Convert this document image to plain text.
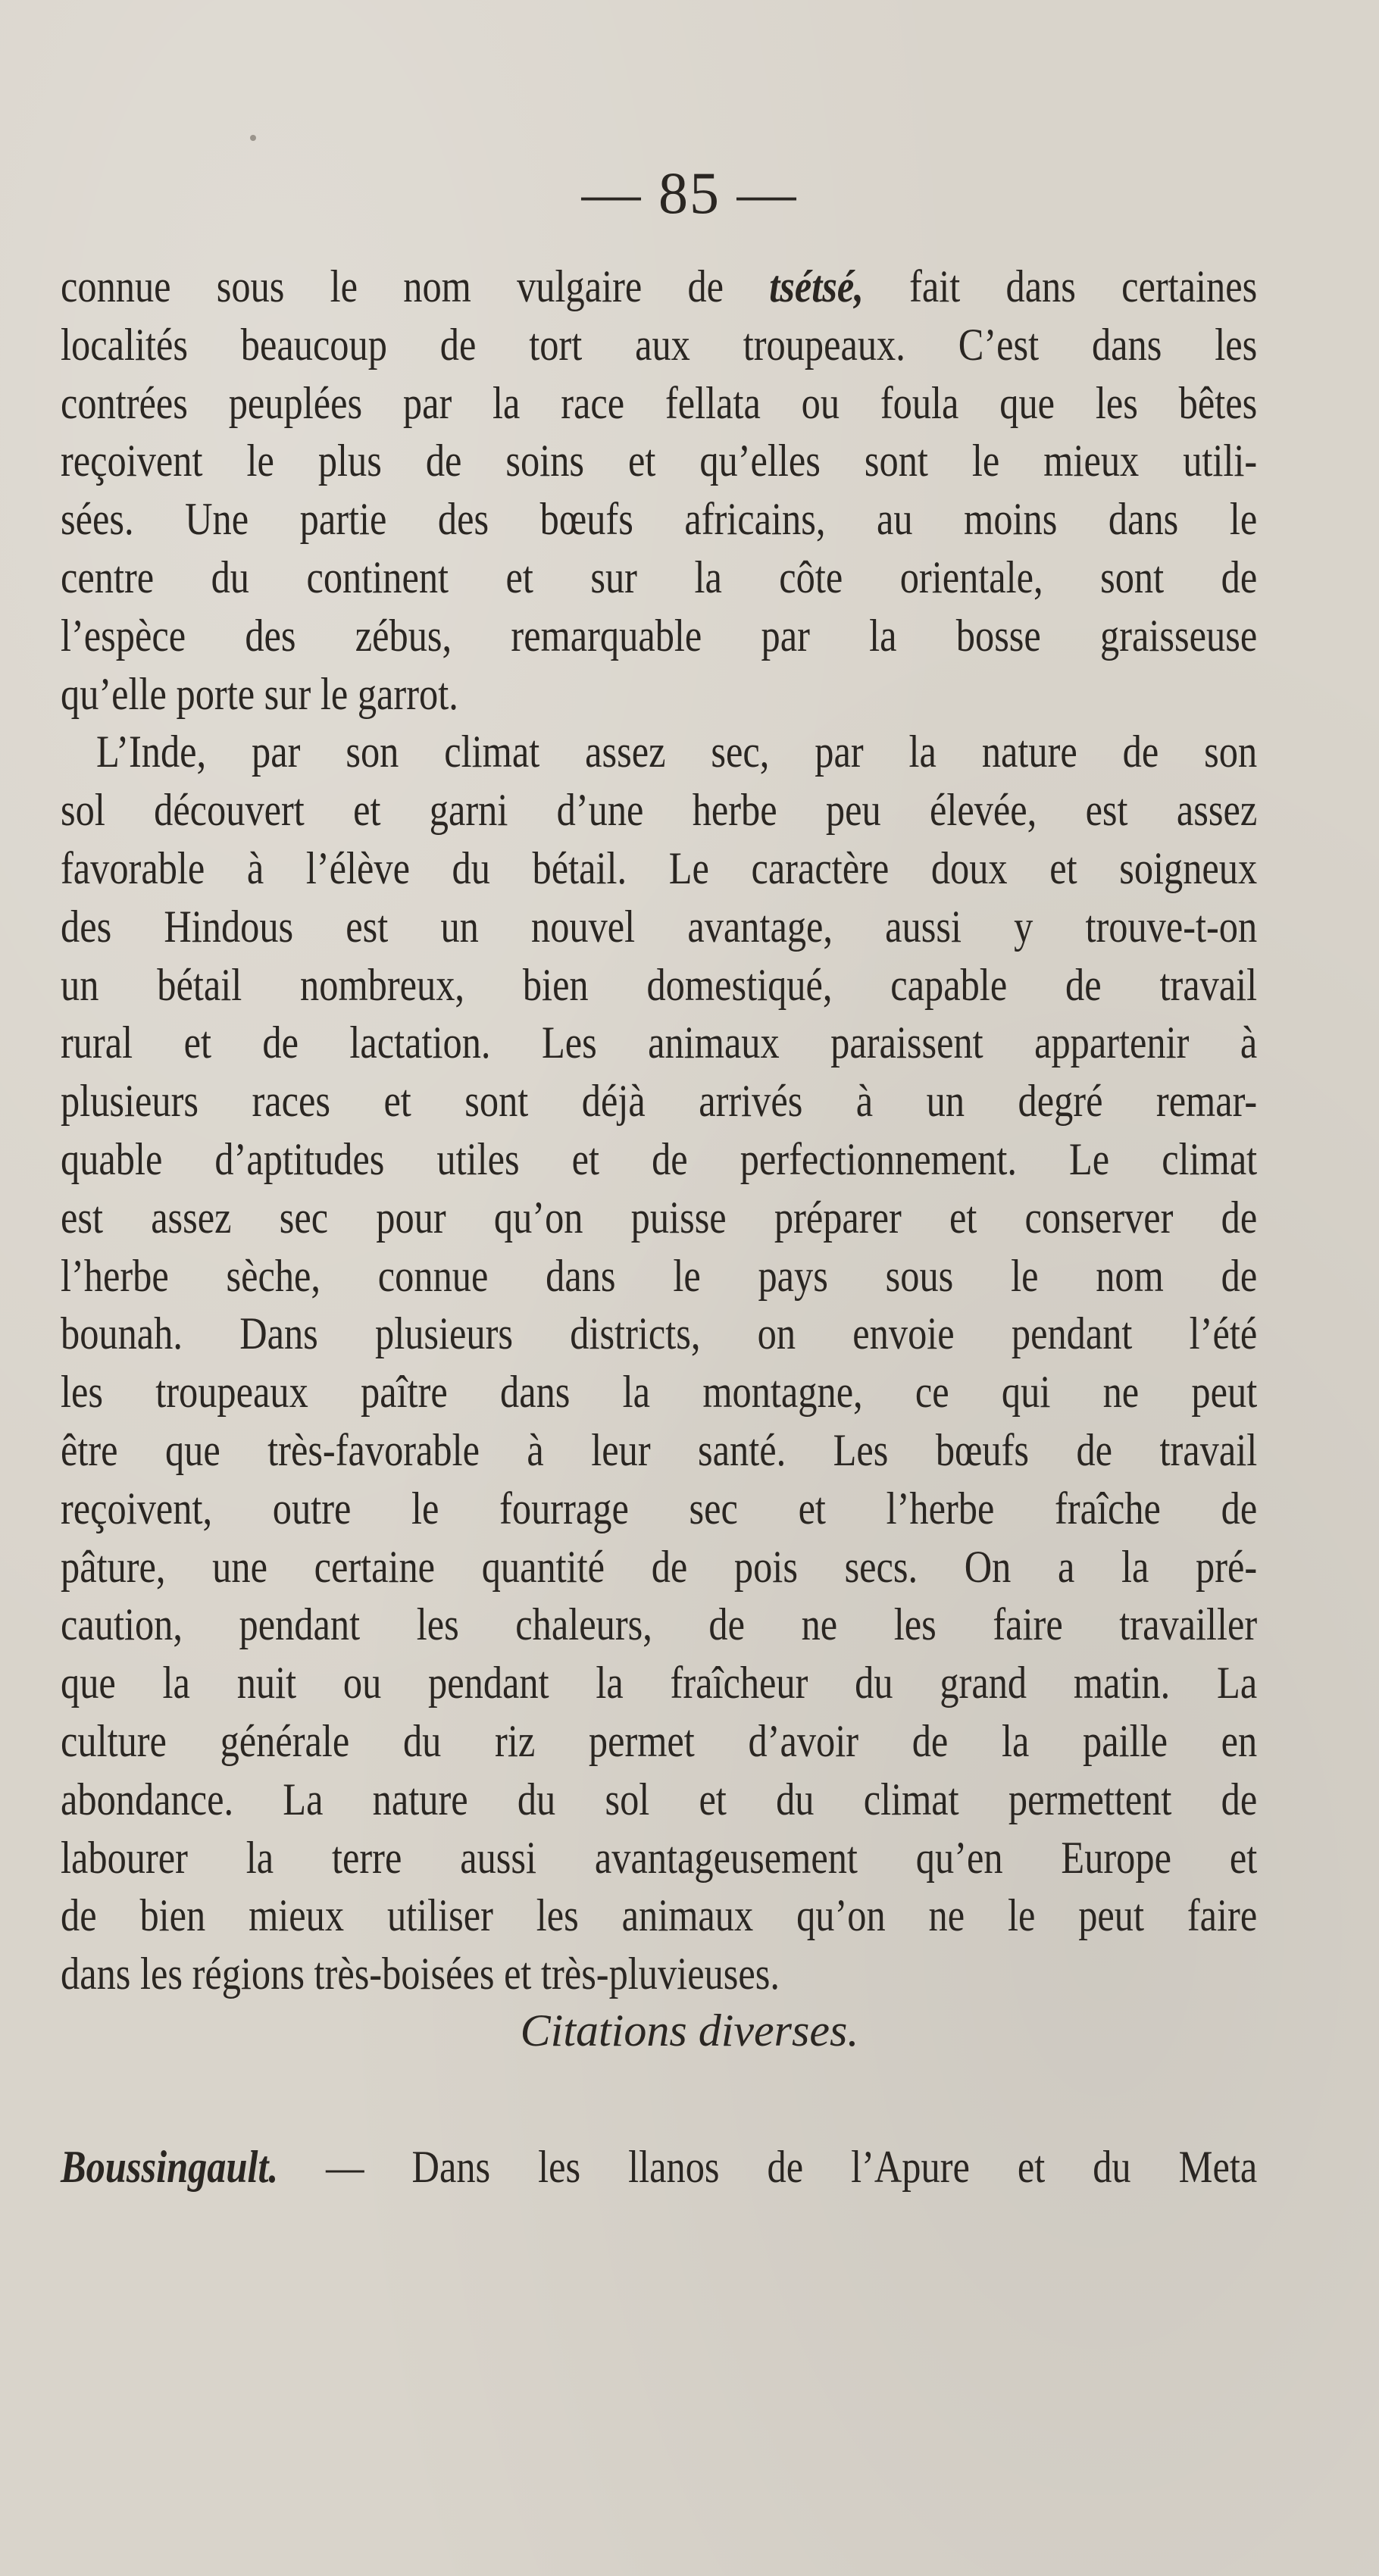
— 85 —
connue sous le nom vulgaire de tsétsé, fait dans certaines
localités beaucoup de tort aux troupeaux. C’est dans les
contrées peuplées par la race fellata ou foula que les bêtes
reçoivent le plus de soins et qu’elles sont le mieux utili-
sées. Une partie des bœufs africains, au moins dans le
centre du continent et sur la côte orientale, sont de
l’espèce des zébus, remarquable par la bosse graisseuse
qu’elle porte sur le garrot.
L’Inde, par son climat assez sec, par la nature de son
sol découvert et garni d’une herbe peu élevée, est assez
favorable à l’élève du bétail. Le caractère doux et soigneux
des Hindous est un nouvel avantage, aussi y trouve-t-on
un bétail nombreux, bien domestiqué, capable de travail
rural et de lactation. Les animaux paraissent appartenir à
plusieurs races et sont déjà arrivés à un degré remar-
quable d’aptitudes utiles et de perfectionnement. Le climat
est assez sec pour qu’on puisse préparer et conserver de
l’herbe sèche, connue dans le pays sous le nom de
bounah. Dans plusieurs districts, on envoie pendant l’été
les troupeaux paître dans la montagne, ce qui ne peut
être que très-favorable à leur santé. Les bœufs de travail
reçoivent, outre le fourrage sec et l’herbe fraîche de
pâture, une certaine quantité de pois secs. On a la pré-
caution, pendant les chaleurs, de ne les faire travailler
que la nuit ou pendant la fraîcheur du grand matin. La
culture générale du riz permet d’avoir de la paille en
abondance. La nature du sol et du climat permettent de
labourer la terre aussi avantageusement qu’en Europe et
de bien mieux utiliser les animaux qu’on ne le peut faire
dans les régions très-boisées et très-pluvieuses.
Citations diverses.
Boussingault. — Dans les llanos de l’Apure et du Meta
